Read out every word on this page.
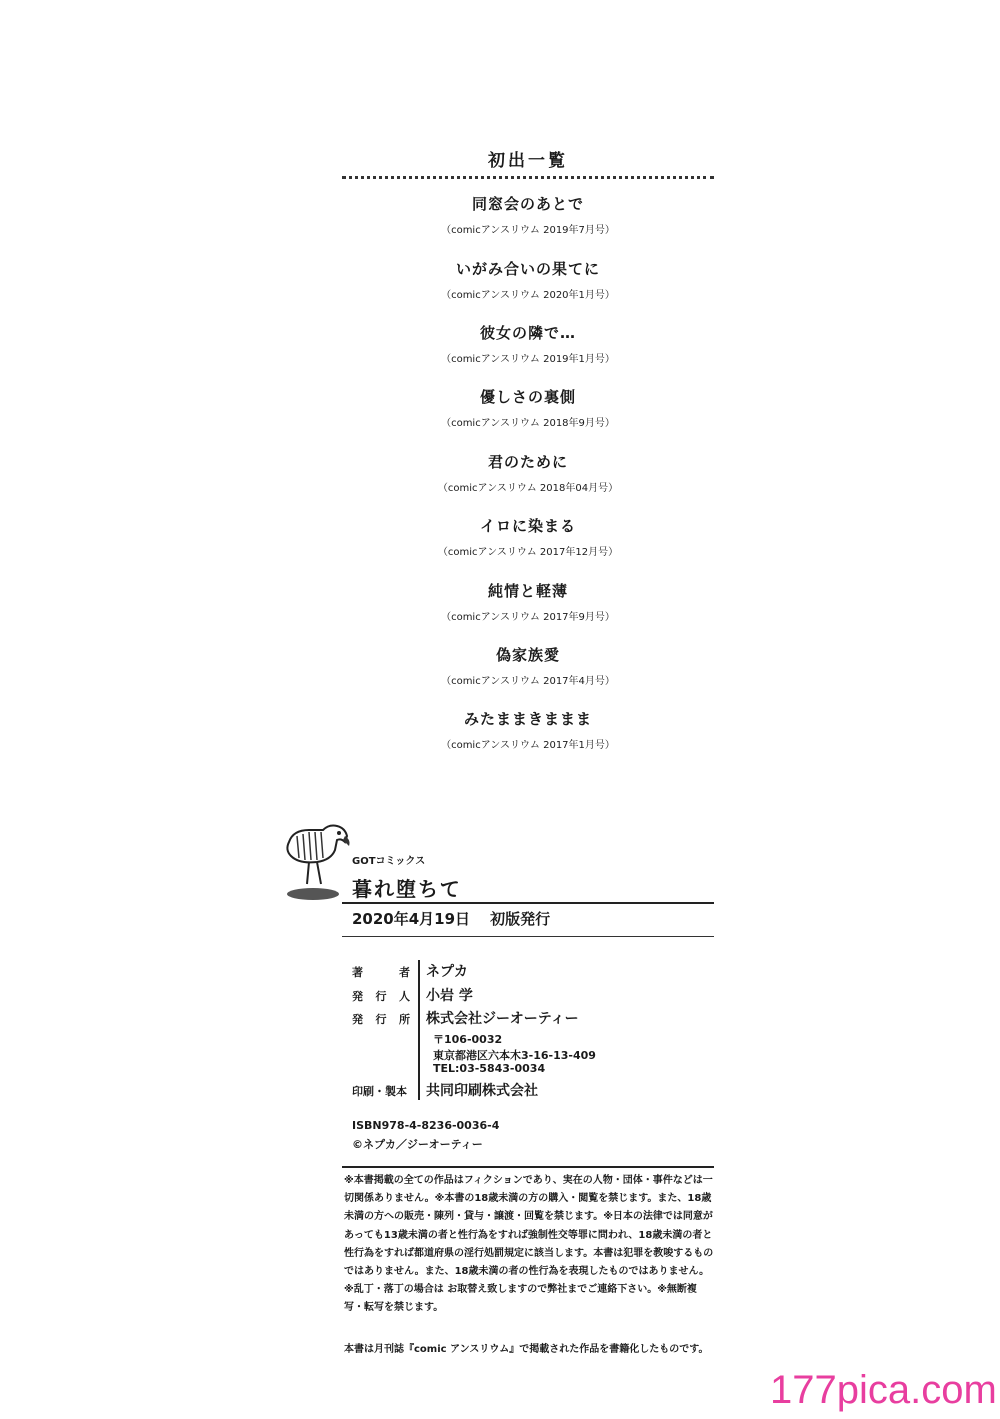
初出一覧
同窓会のあとで
（comicアンスリウム 2019年7月号）
いがみ合いの果てに
（comicアンスリウム 2020年1月号）
彼女の隣で…
（comicアンスリウム 2019年1月号）
優しさの裏側
（comicアンスリウム 2018年9月号）
君のために
（comicアンスリウム 2018年04月号）
イロに染まる
（comicアンスリウム 2017年12月号）
純情と軽薄
（comicアンスリウム 2017年9月号）
偽家族愛
（comicアンスリウム 2017年4月号）
みたままきままま
（comicアンスリウム 2017年1月号）
GOTコミックス
暮れ堕ちて
2020年4月19日 初版発行
著　者 ネプカ
発行人 小岩 学
発行所 株式会社ジーオーティー
〒106-0032
東京都港区六本木3-16-13-409
TEL:03-5843-0034
印刷・製本 共同印刷株式会社
ISBN978-4-8236-0036-4
©ネプカ／ジーオーティー

※本書掲載の全ての作品はフィクションであり、実在の人物・団体・事件などは一切関係ありません。※本書の18歳未満の方の購入・閲覧を禁じます。また、18歳未満の方への販売・陳列・貸与・譲渡・回覧を禁じます。※日本の法律では同意があっても13歳未満の者と性行為をすれば強制性交等罪に問われ、18歳未満の者と性行為をすれば都道府県の淫行処罰規定に該当します。本書は犯罪を教唆するものではありません。また、18歳未満の者の性行為を表現したものではありません。※乱丁・落丁の場合は お取替え致しますので弊社までご連絡下さい。※無断複写・転写を禁じます。

本書は月刊誌『comic アンスリウム』で掲載された作品を書籍化したものです。
177pica.com
